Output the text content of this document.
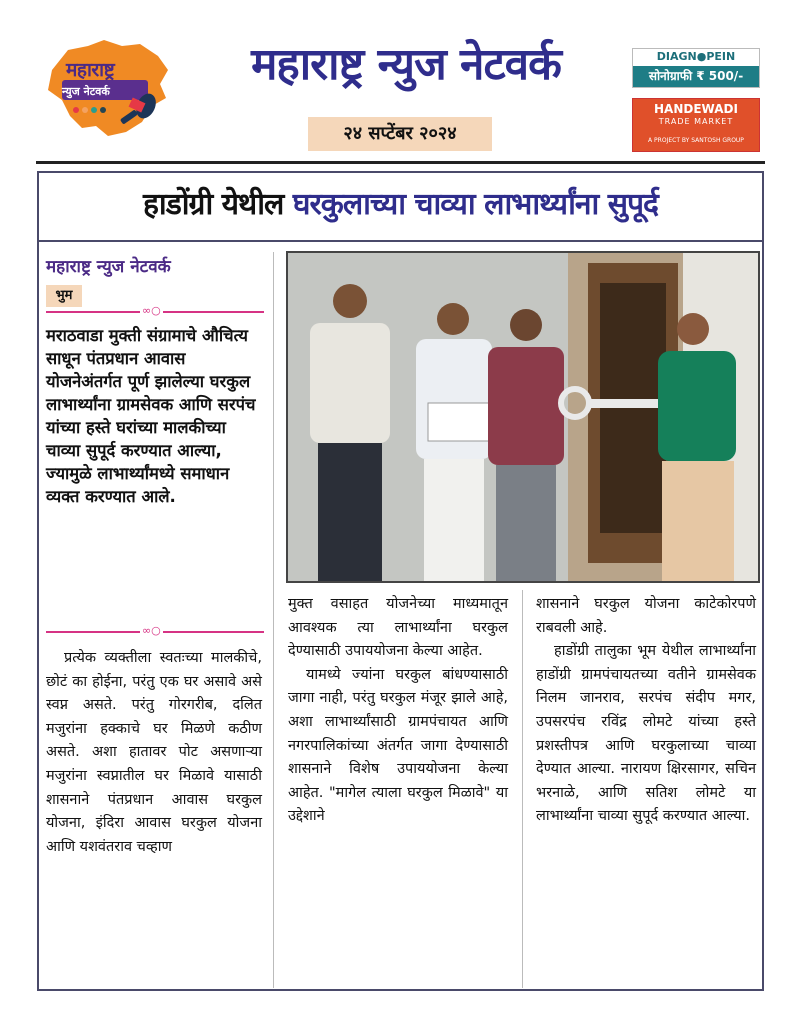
महाराष्ट्र
न्युज नेटवर्क
महाराष्ट्र न्युज नेटवर्क
२४ सप्टेंबर २०२४
DIAGN●PEIN
सोनोग्राफी ₹ 500/-
HANDEWADI
TRADE MARKET
A PROJECT BY SANTOSH GROUP
हाडोंग्री येथील घरकुलाच्या चाव्या लाभार्थ्यांना सुपूर्द
महाराष्ट्र न्युज नेटवर्क
भुम
∞○
मराठवाडा मुक्ती संग्रामाचे औचित्य साधून पंतप्रधान आवास योजनेअंतर्गत पूर्ण झालेल्या घरकुल लाभार्थ्यांना ग्रामसेवक आणि सरपंच यांच्या हस्ते घरांच्या मालकीच्या चाव्या सुपूर्द करण्यात आल्या, ज्यामुळे लाभार्थ्यांमध्ये समाधान व्यक्त करण्यात आले.
∞○

प्रत्येक व्यक्तीला स्वतःच्या मालकीचे, छोटं का होईना, परंतु एक घर असावे असे स्वप्न असते. परंतु गोरगरीब, दलित मजुरांना हक्काचे घर मिळणे कठीण असते. अशा हातावर पोट असणाऱ्या मजुरांना स्वप्नातील घर मिळावे यासाठी शासनाने पंतप्रधान आवास घरकुल योजना, इंदिरा आवास घरकुल योजना आणि यशवंतराव चव्हाण

मुक्त वसाहत योजनेच्या माध्यमातून आवश्यक त्या लाभार्थ्यांना घरकुल देण्यासाठी उपाययोजना केल्या आहेत.

यामध्ये ज्यांना घरकुल बांधण्यासाठी जागा नाही, परंतु घरकुल मंजूर झाले आहे, अशा लाभार्थ्यांसाठी ग्रामपंचायत आणि नगरपालिकांच्या अंतर्गत जागा देण्यासाठी शासनाने विशेष उपाययोजना केल्या आहेत. "मागेल त्याला घरकुल मिळावे" या उद्देशाने

शासनाने घरकुल योजना काटेकोरपणे राबवली आहे.

हाडोंग्री तालुका भूम येथील लाभार्थ्यांना हाडोंग्री ग्रामपंचायतच्या वतीने ग्रामसेवक निलम जानराव, सरपंच संदीप मगर, उपसरपंच रविंद्र लोमटे यांच्या हस्ते प्रशस्तीपत्र आणि घरकुलाच्या चाव्या देण्यात आल्या. नारायण क्षिरसागर, सचिन भरनाळे, आणि सतिश लोमटे या लाभार्थ्यांना चाव्या सुपूर्द करण्यात आल्या.
